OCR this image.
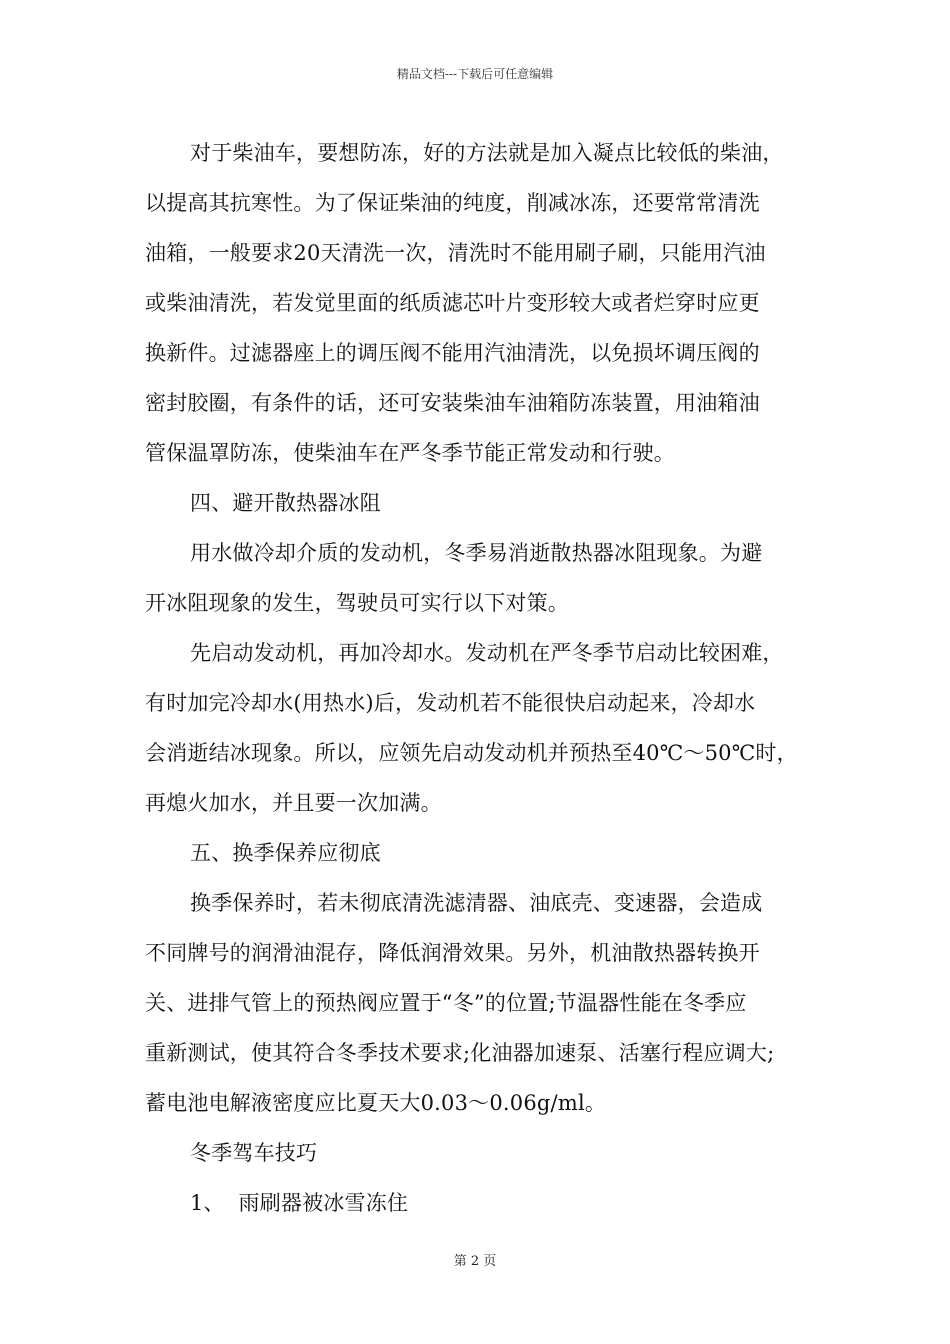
精品文档---下载后可任意编辑

对于柴油车，要想防冻，好的方法就是加入凝点比较低的柴油，
以提高其抗寒性。为了保证柴油的纯度，削减冰冻，还要常常清洗
油箱，一般要求20天清洗一次，清洗时不能用刷子刷，只能用汽油
或柴油清洗，若发觉里面的纸质滤芯叶片变形较大或者烂穿时应更
换新件。过滤器座上的调压阀不能用汽油清洗，以免损坏调压阀的
密封胶圈，有条件的话，还可安装柴油车油箱防冻装置，用油箱油
管保温罩防冻，使柴油车在严冬季节能正常发动和行驶。

四、避开散热器冰阻

用水做冷却介质的发动机，冬季易消逝散热器冰阻现象。为避
开冰阻现象的发生，驾驶员可实行以下对策。

先启动发动机，再加冷却水。发动机在严冬季节启动比较困难，
有时加完冷却水(用热水)后，发动机若不能很快启动起来，冷却水
会消逝结冰现象。所以，应领先启动发动机并预热至40℃～50℃时，
再熄火加水，并且要一次加满。

五、换季保养应彻底

换季保养时，若未彻底清洗滤清器、油底壳、变速器，会造成
不同牌号的润滑油混存，降低润滑效果。另外，机油散热器转换开
关、进排气管上的预热阀应置于“冬”的位置;节温器性能在冬季应
重新测试，使其符合冬季技术要求;化油器加速泵、活塞行程应调大;
蓄电池电解液密度应比夏天大0.03～0.06g/ml。

冬季驾车技巧

1、  雨刷器被冰雪冻住

第 2 页
